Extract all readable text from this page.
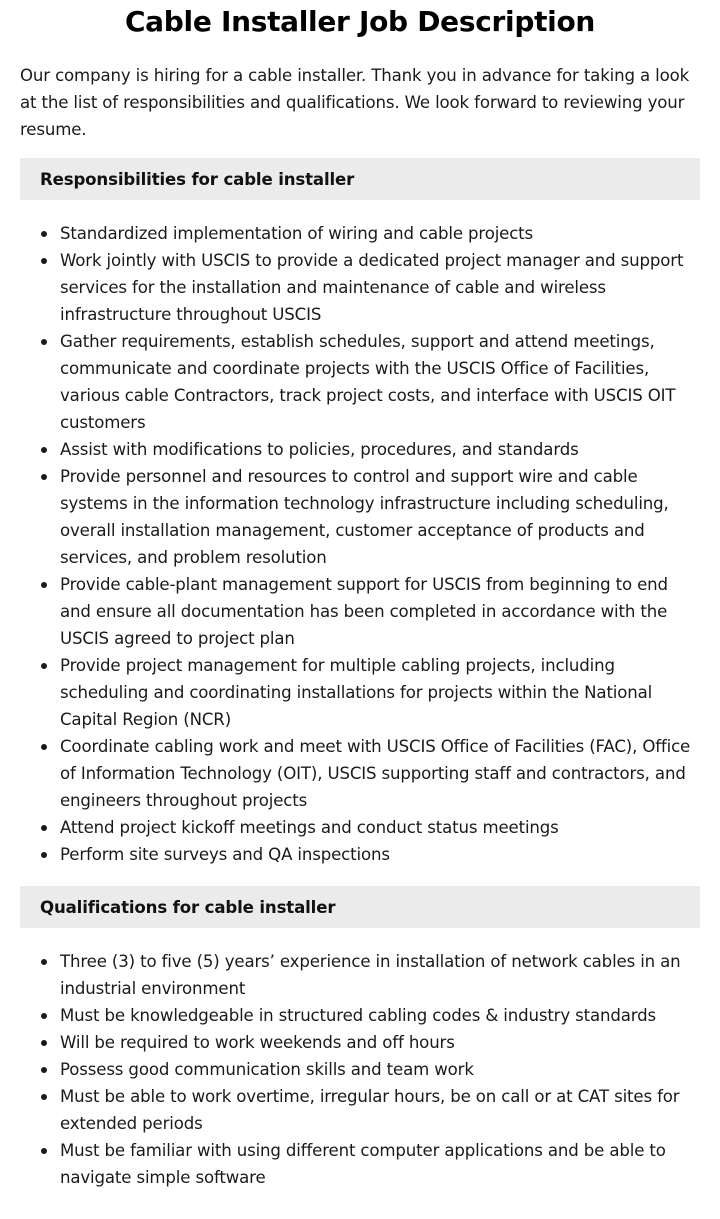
Cable Installer Job Description

Our company is hiring for a cable installer. Thank you in advance for taking a look at the list of responsibilities and qualifications. We look forward to reviewing your resume.

Responsibilities for cable installer
Standardized implementation of wiring and cable projects
Work jointly with USCIS to provide a dedicated project manager and support services for the installation and maintenance of cable and wireless infrastructure throughout USCIS
Gather requirements, establish schedules, support and attend meetings, communicate and coordinate projects with the USCIS Office of Facilities, various cable Contractors, track project costs, and interface with USCIS OIT customers
Assist with modifications to policies, procedures, and standards
Provide personnel and resources to control and support wire and cable systems in the information technology infrastructure including scheduling, overall installation management, customer acceptance of products and services, and problem resolution
Provide cable-plant management support for USCIS from beginning to end and ensure all documentation has been completed in accordance with the USCIS agreed to project plan
Provide project management for multiple cabling projects, including scheduling and coordinating installations for projects within the National Capital Region (NCR)
Coordinate cabling work and meet with USCIS Office of Facilities (FAC), Office of Information Technology (OIT), USCIS supporting staff and contractors, and engineers throughout projects
Attend project kickoff meetings and conduct status meetings
Perform site surveys and QA inspections
Qualifications for cable installer
Three (3) to five (5) years’ experience in installation of network cables in an industrial environment
Must be knowledgeable in structured cabling codes & industry standards
Will be required to work weekends and off hours
Possess good communication skills and team work
Must be able to work overtime, irregular hours, be on call or at CAT sites for extended periods
Must be familiar with using different computer applications and be able to navigate simple software
